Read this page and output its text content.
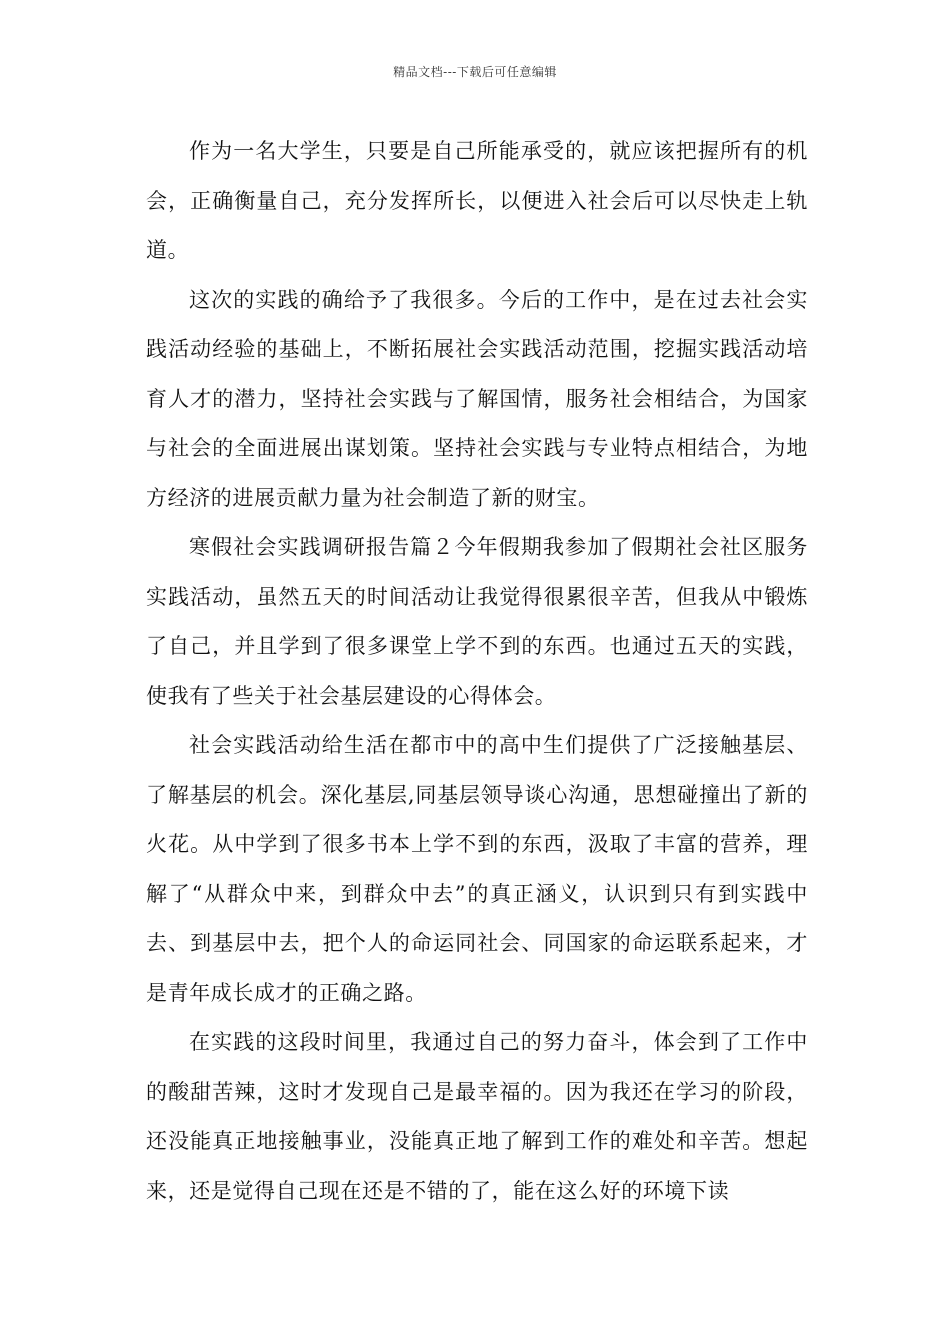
精品文档---下载后可任意编辑

作为一名大学生，只要是自己所能承受的，就应该把握所有的机会，正确衡量自己，充分发挥所长，以便进入社会后可以尽快走上轨道。

这次的实践的确给予了我很多。今后的工作中，是在过去社会实践活动经验的基础上，不断拓展社会实践活动范围，挖掘实践活动培育人才的潜力，坚持社会实践与了解国情，服务社会相结合，为国家与社会的全面进展出谋划策。坚持社会实践与专业特点相结合，为地方经济的进展贡献力量为社会制造了新的财宝。

寒假社会实践调研报告篇２今年假期我参加了假期社会社区服务实践活动，虽然五天的时间活动让我觉得很累很辛苦，但我从中锻炼了自己，并且学到了很多课堂上学不到的东西。也通过五天的实践，使我有了些关于社会基层建设的心得体会。

社会实践活动给生活在都市中的高中生们提供了广泛接触基层、了解基层的机会。深化基层,同基层领导谈心沟通，思想碰撞出了新的火花。从中学到了很多书本上学不到的东西，汲取了丰富的营养，理解了“从群众中来，到群众中去”的真正涵义，认识到只有到实践中去、到基层中去，把个人的命运同社会、同国家的命运联系起来，才是青年成长成才的正确之路。

在实践的这段时间里，我通过自己的努力奋斗，体会到了工作中的酸甜苦辣，这时才发现自己是最幸福的。因为我还在学习的阶段，还没能真正地接触事业，没能真正地了解到工作的难处和辛苦。想起来，还是觉得自己现在还是不错的了，能在这么好的环境下读
